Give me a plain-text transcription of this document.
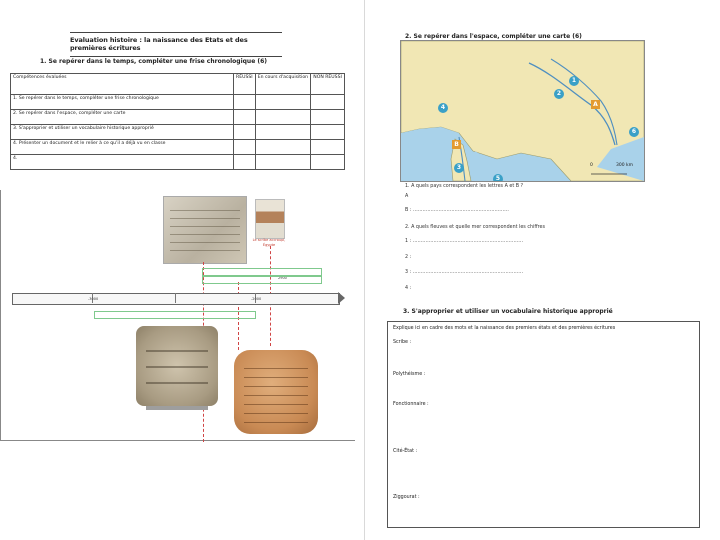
Evaluation histoire : la naissance des Etats et des premières écritures
1. Se repérer dans le temps, compléter une frise chronologique (6)
Compétences évaluées	RÉUSSI	En cours d'acquisition	NON RÉUSSI
1. Se repérer dans le temps, compléter une frise chronologique			
2. Se repérer dans l'espace, compléter une carte			
3. S'approprier et utiliser un vocabulaire historique approprié			
4. Présenter un document et le relier à ce qu'il a déjà vu en classe			
4.			
Le scribe accroupi, Égypte
2900
-3000	-2000
2. Se repérer dans l'espace, compléter une carte (6)
1
2
3
4
5
6
A
B
0	300 km
1. A quels pays correspondent les lettres A et B ?
A
B : ……………………………………………………
2. A quels fleuves et quelle mer correspondent les chiffres
1 : ……………………………………………………………
2 :
3 : ……………………………………………………………
4 :
3. S'approprier et utiliser un vocabulaire historique approprié
Explique ici en cadre des mots et la naissance des premiers états et des premières écritures
Scribe :
Polythéisme :
Fonctionnaire :
Cité-État :
Ziggourat :
